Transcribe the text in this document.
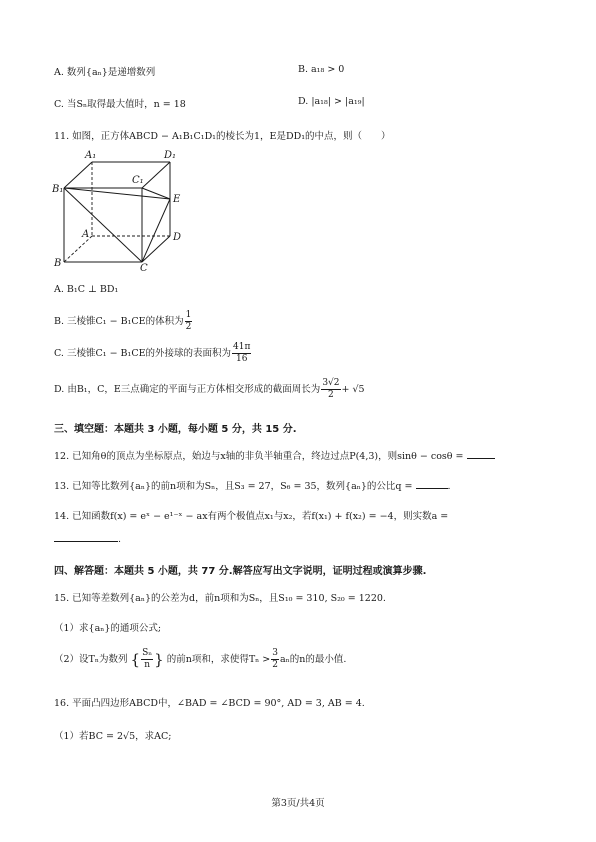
A. 数列{aₙ}是递增数列	B. a₁₈ > 0
C. 当Sₙ取得最大值时，n = 18	D. |a₁₈| > |a₁₉|
11. 如图，正方体ABCD − A₁B₁C₁D₁的棱长为1，E是DD₁的中点，则（　　）
A₁	D₁
B₁
C₁
E
A	D
B	C
A. B₁C ⊥ BD₁
B. 三棱锥C₁ − B₁CE的体积为 $\frac{1}{2}$
C. 三棱锥C₁ − B₁CE的外接球的表面积为 $\frac{41\pi}{16}$
D. 由B₁，C，E三点确定的平面与正方体相交形成的截面周长为 $\frac{3√2}{2} + √5$
三、填空题：本题共 3 小题，每小题 5 分，共 15 分.
12. 已知角θ的顶点为坐标原点，始边与x轴的非负半轴重合，终边过点P(4,3)，则sinθ − cosθ =
13. 已知等比数列{aₙ}的前n项和为Sₙ，且S₃ = 27，S₆ = 35，数列{aₙ}的公比q =	.
14. 已知函数f(x) = eˣ − e¹⁻ˣ − ax有两个极值点x₁与x₂，若f(x₁) + f(x₂) = −4，则实数a =
.
四、解答题：本题共 5 小题，共 77 分.解答应写出文字说明，证明过程或演算步骤.
15. 已知等差数列{aₙ}的公差为d，前n项和为Sₙ，且S₁₀ = 310, S₂₀ = 1220.
（1）求{aₙ}的通项公式;
（2）设Tₙ为数列 { $\frac{\text{Sₙ}}{n}$ } 的前n项和，求使得$T_n > \frac{3}{2}$ aₙ的n的最小值.
16. 平面凸四边形ABCD中，∠BAD = ∠BCD = 90°, AD = 3, AB = 4.
（1）若BC = 2√5，求AC;
第3页/共4页
